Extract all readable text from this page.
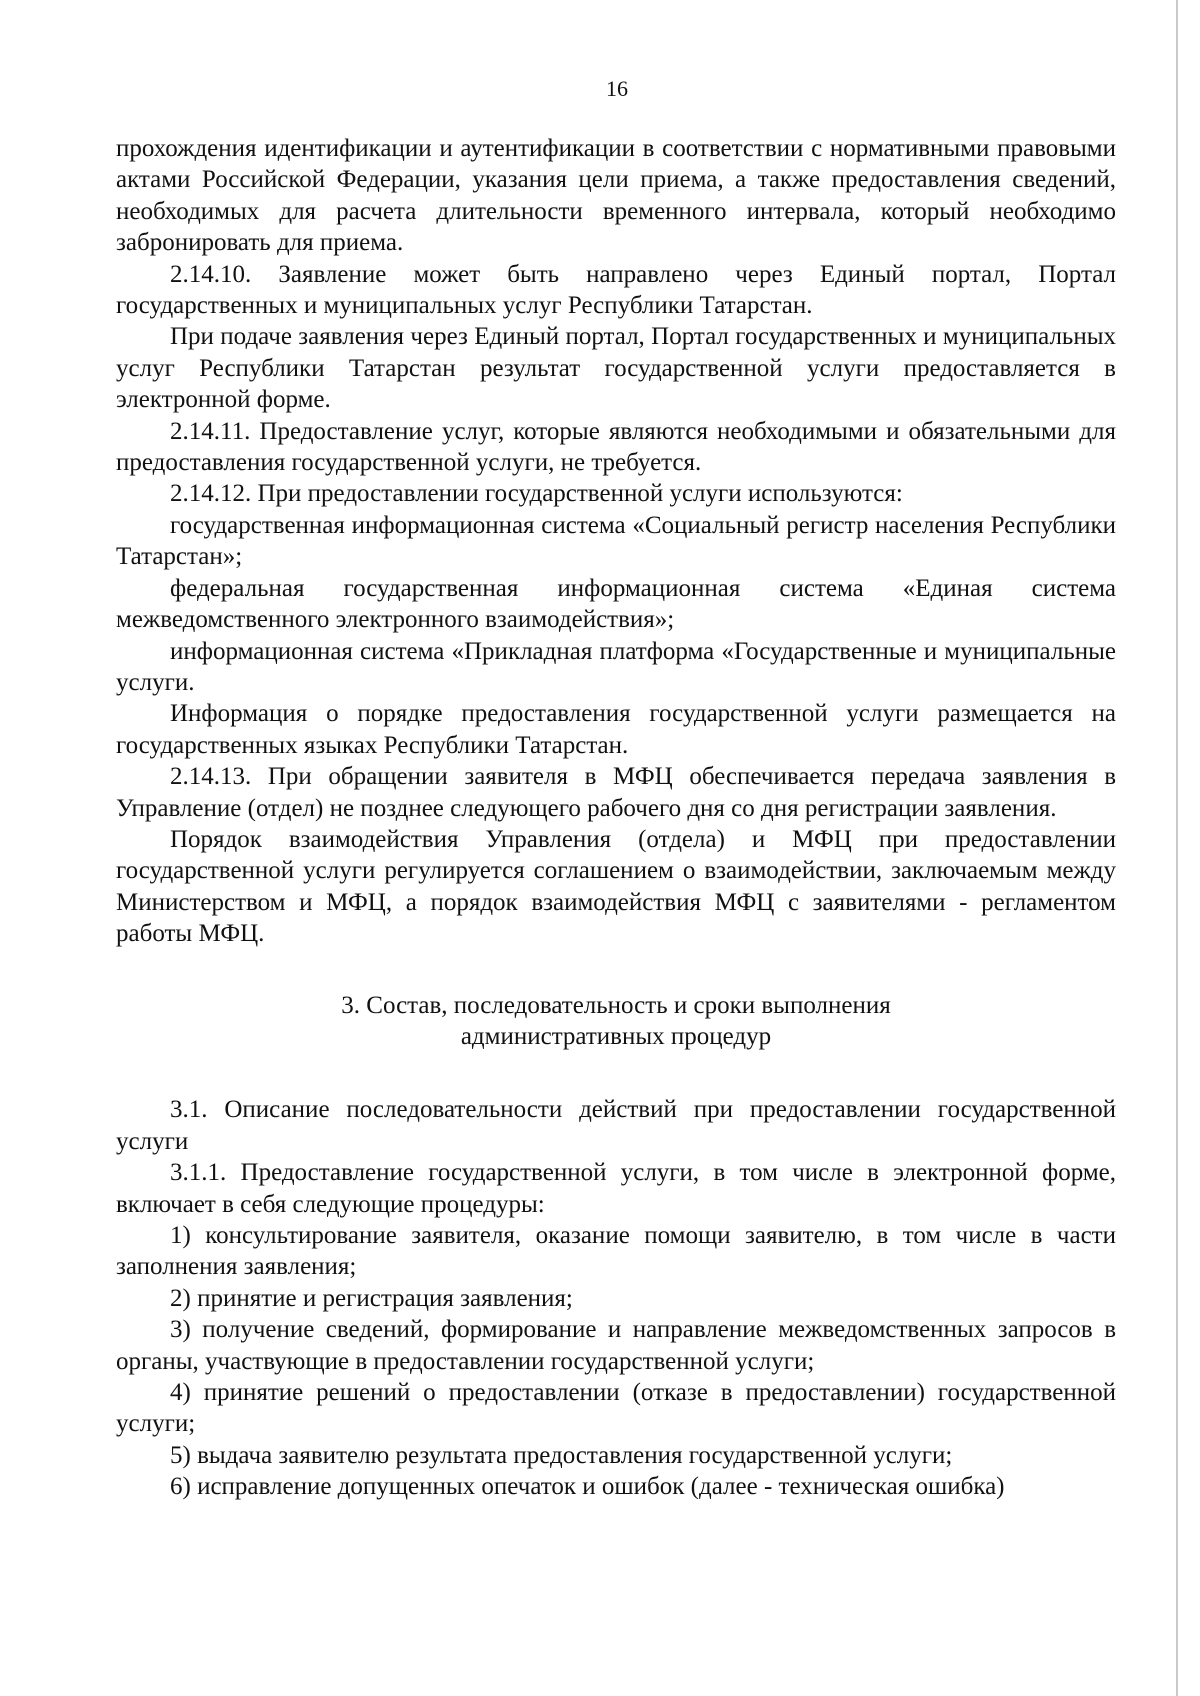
16

прохождения идентификации и аутентификации в соответствии с нормативными правовыми актами Российской Федерации, указания цели приема, а также предоставления сведений, необходимых для расчета длительности временного интервала, который необходимо забронировать для приема.

2.14.10. Заявление может быть направлено через Единый портал, Портал государственных и муниципальных услуг Республики Татарстан.

При подаче заявления через Единый портал, Портал государственных и муниципальных услуг Республики Татарстан результат государственной услуги предоставляется в электронной форме.

2.14.11. Предоставление услуг, которые являются необходимыми и обязательными для предоставления государственной услуги, не требуется.

2.14.12. При предоставлении государственной услуги используются:

государственная информационная система «Социальный регистр населения Республики Татарстан»;

федеральная государственная информационная система «Единая система межведомственного электронного взаимодействия»;

информационная система «Прикладная платформа «Государственные и муниципальные услуги.

Информация о порядке предоставления государственной услуги размещается на государственных языках Республики Татарстан.

2.14.13. При обращении заявителя в МФЦ обеспечивается передача заявления в Управление (отдел) не позднее следующего рабочего дня со дня регистрации заявления.

Порядок взаимодействия Управления (отдела) и МФЦ при предоставлении государственной услуги регулируется соглашением о взаимодействии, заключаемым между Министерством и МФЦ, а порядок взаимодействия МФЦ с заявителями - регламентом работы МФЦ.

3. Состав, последовательность и сроки выполнения
административных процедур

3.1. Описание последовательности действий при предоставлении государственной услуги

3.1.1. Предоставление государственной услуги, в том числе в электронной форме, включает в себя следующие процедуры:

1) консультирование заявителя, оказание помощи заявителю, в том числе в части заполнения заявления;

2) принятие и регистрация заявления;

3) получение сведений, формирование и направление межведомственных запросов в органы, участвующие в предоставлении государственной услуги;

4) принятие решений о предоставлении (отказе в предоставлении) государственной услуги;

5) выдача заявителю результата предоставления государственной услуги;

6) исправление допущенных опечаток и ошибок (далее - техническая ошибка)
